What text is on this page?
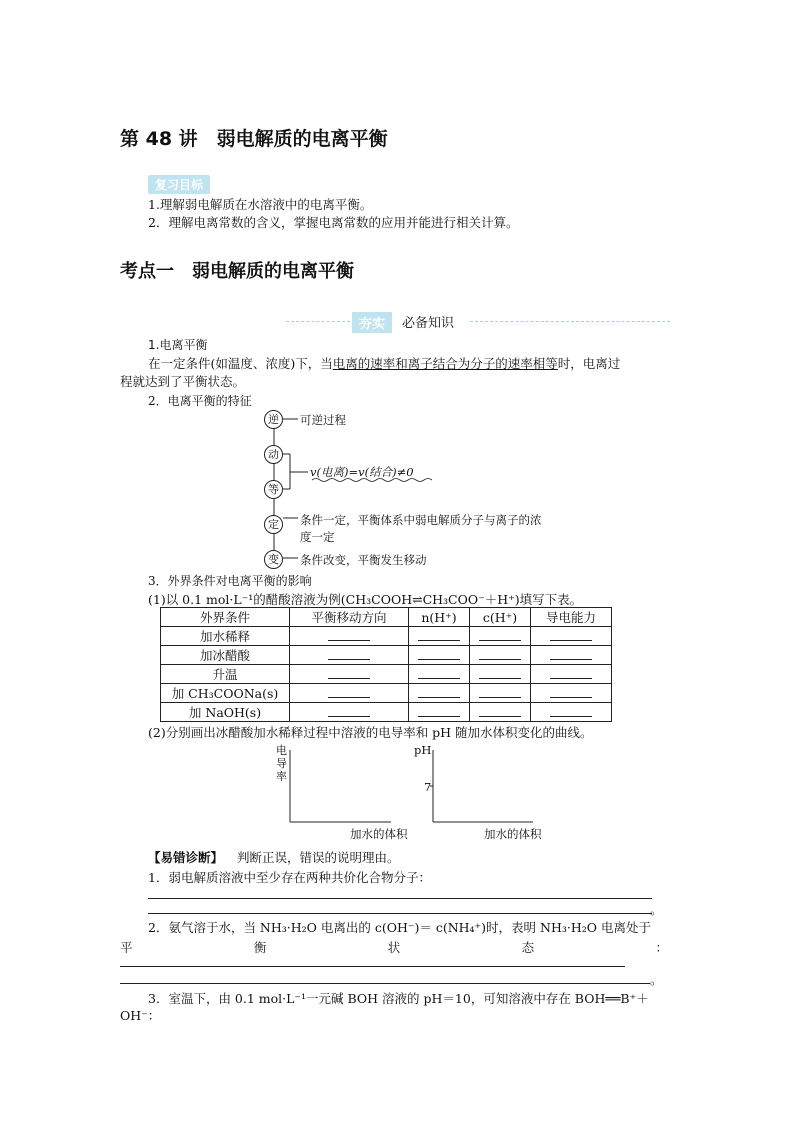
第 48 讲　弱电解质的电离平衡
复习目标
1.理解弱电解质在水溶液中的电离平衡。
2．理解电离常数的含义，掌握电离常数的应用并能进行相关计算。
考点一　弱电解质的电离平衡
夯实	必备知识
1.电离平衡
在一定条件(如温度、浓度)下，当电离的速率和离子结合为分子的速率相等时，电离过
程就达到了平衡状态。
2．电离平衡的特征
逆
动
等
定
变
可逆过程
v(电离)=v(结合)≠0
条件一定，平衡体系中弱电解质分子与离子的浓
度一定
条件改变，平衡发生移动
3．外界条件对电离平衡的影响
(1)以 0.1 mol·L⁻¹的醋酸溶液为例(CH₃COOH⇌CH₃COO⁻＋H⁺)填写下表。
外界条件	平衡移动方向	n(H⁺)	c(H⁺)	导电能力
加水稀释				
加冰醋酸				
升温				
加 CH₃COONa(s)				
加 NaOH(s)				
(2)分别画出冰醋酸加水稀释过程中溶液的电导率和 pH 随加水体积变化的曲线。
电导率
加水的体积
pH
7
加水的体积
【易错诊断】 判断正误，错误的说明理由。
1．弱电解质溶液中至少存在两种共价化合物分子：
。
2．氨气溶于水，当 NH₃·H₂O 电离出的 c(OH⁻)＝ c(NH₄⁺)时，表明 NH₃·H₂O 电离处于
平	衡	状	态	：
。
3．室温下，由 0.1 mol·L⁻¹一元碱 BOH 溶液的 pH＝10，可知溶液中存在 BOH══B⁺＋
OH⁻：
